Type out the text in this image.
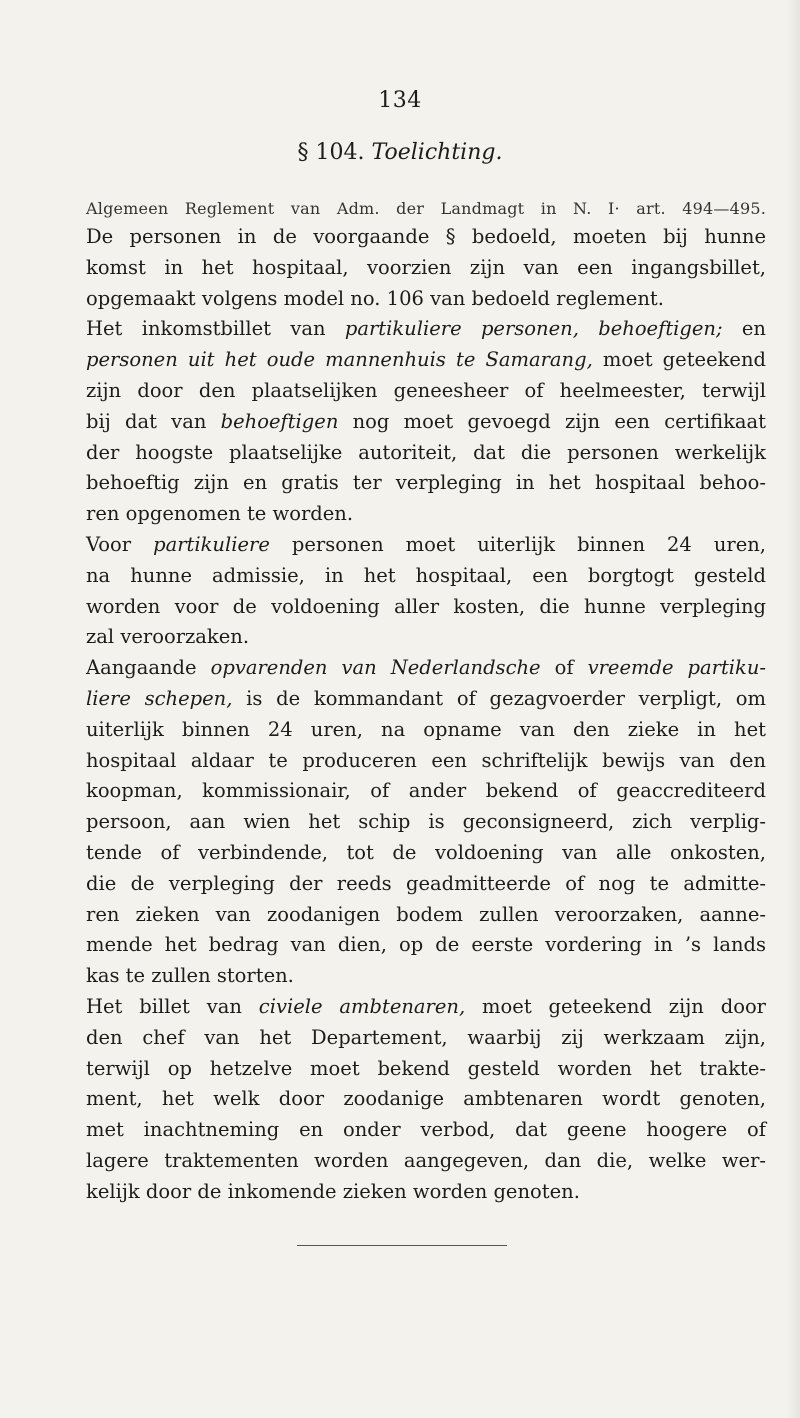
134
§ 104. Toelichting.
Algemeen Reglement van Adm. der Landmagt in N. I· art. 494—495.
De personen in de voorgaande § bedoeld, moeten bij hunne
komst in het hospitaal, voorzien zijn van een ingangsbillet,
opgemaakt volgens model no. 106 van bedoeld reglement.
Het inkomstbillet van partikuliere personen, behoeftigen; en
personen uit het oude mannenhuis te Samarang, moet geteekend
zijn door den plaatselijken geneesheer of heelmeester, terwijl
bij dat van behoeftigen nog moet gevoegd zijn een certifikaat
der hoogste plaatselijke autoriteit, dat die personen werkelijk
behoeftig zijn en gratis ter verpleging in het hospitaal behoo-
ren opgenomen te worden.
Voor partikuliere personen moet uiterlijk binnen 24 uren,
na hunne admissie, in het hospitaal, een borgtogt gesteld
worden voor de voldoening aller kosten, die hunne verpleging
zal veroorzaken.
Aangaande opvarenden van Nederlandsche of vreemde partiku-
liere schepen, is de kommandant of gezagvoerder verpligt, om
uiterlijk binnen 24 uren, na opname van den zieke in het
hospitaal aldaar te produceren een schriftelijk bewijs van den
koopman, kommissionair, of ander bekend of geaccrediteerd
persoon, aan wien het schip is geconsigneerd, zich verplig-
tende of verbindende, tot de voldoening van alle onkosten,
die de verpleging der reeds geadmitteerde of nog te admitte-
ren zieken van zoodanigen bodem zullen veroorzaken, aanne-
mende het bedrag van dien, op de eerste vordering in ’s lands
kas te zullen storten.
Het billet van civiele ambtenaren, moet geteekend zijn door
den chef van het Departement, waarbij zij werkzaam zijn,
terwijl op hetzelve moet bekend gesteld worden het trakte-
ment, het welk door zoodanige ambtenaren wordt genoten,
met inachtneming en onder verbod, dat geene hoogere of
lagere traktementen worden aangegeven, dan die, welke wer-
kelijk door de inkomende zieken worden genoten.
